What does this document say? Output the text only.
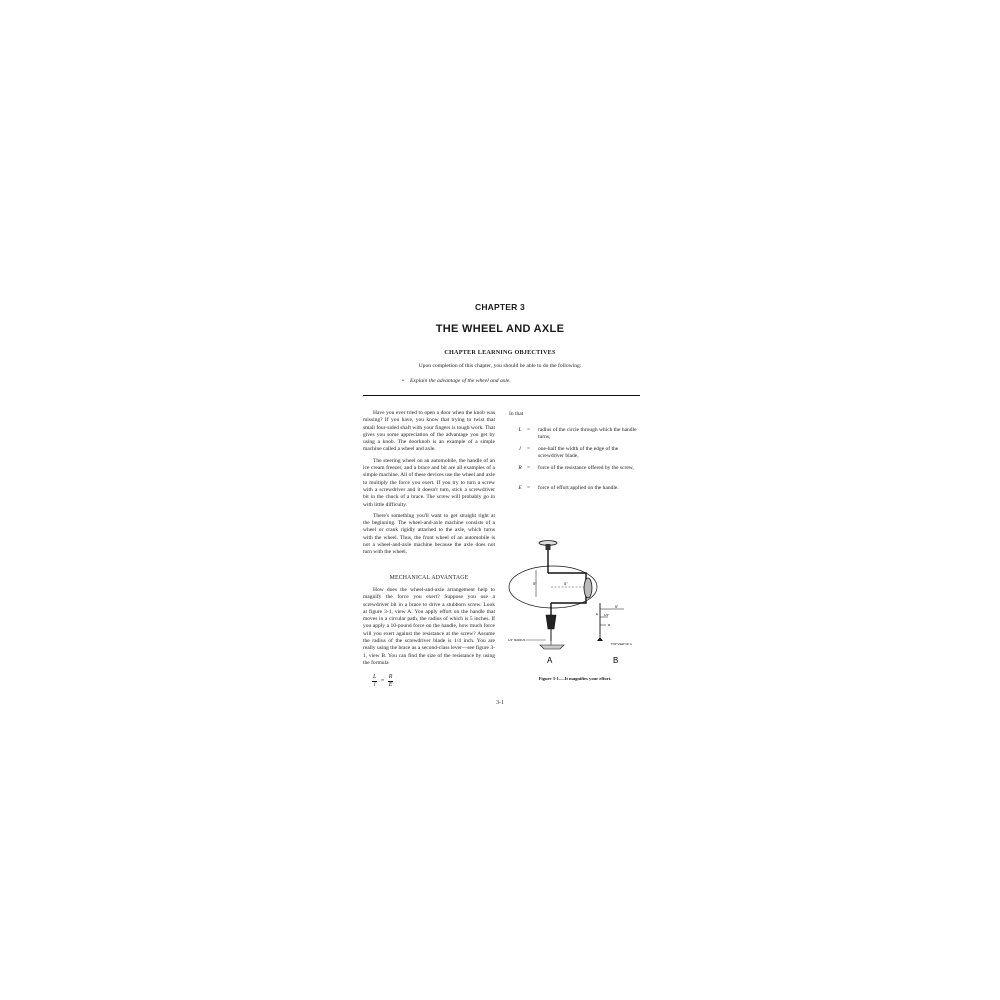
CHAPTER 3
THE WHEEL AND AXLE
CHAPTER LEARNING OBJECTIVES
Upon completion of this chapter, you should be able to do the following:
•	Explain the advantage of the wheel and axle.

Have you ever tried to open a door when the knob was missing? If you have, you know that trying to twist that small four-sided shaft with your fingers is tough work. That gives you some appreciation of the advantage you get by using a knob. The doorknob is an example of a simple machine called a wheel and axle.

The steering wheel on an automobile, the handle of an ice cream freezer, and a brace and bit are all examples of a simple machine. All of these devices use the wheel and axle to multiply the force you exert. If you try to turn a screw with a screwdriver and it doesn't turn, stick a screwdriver bit in the chuck of a brace. The screw will probably go in with little difficulty.

There's something you'll want to get straight right at the beginning. The wheel-and-axle machine consists of a wheel or crank rigidly attached to the axle, which turns with the wheel. Thus, the front wheel of an automobile is not a wheel-and-axle machine because the axle does not turn with the wheel.

MECHANICAL ADVANTAGE

How does the wheel-and-axle arrangement help to magnify the force you exert? Suppose you use a screwdriver bit in a brace to drive a stubborn screw. Look at figure 3-1, view A. You apply effort on the handle that moves in a circular path, the radius of which is 5 inches. If you apply a 10-pound force on the handle, how much force will you exert against the resistance at the screw? Assume the radius of the screwdriver blade is 1/4 inch. You are really using the brace as a second-class lever—see figure 3-1, view B. You can find the size of the resistance by using the formula

$\frac{L}{l} = \frac{R}{E}$
In that
L = radius of the circle through which the handle turns,
l	= one-half the width of the edge of the screwdriver blade,
R = force of the resistance offered by the screw,
E = force of effort applied on the handle.
5"	5"
1/4" RADIUS
5"
1/4"
E
R
TOP VIEW OF A
A	B
Figure 3-1.—It magnifies your effort.
3-1
